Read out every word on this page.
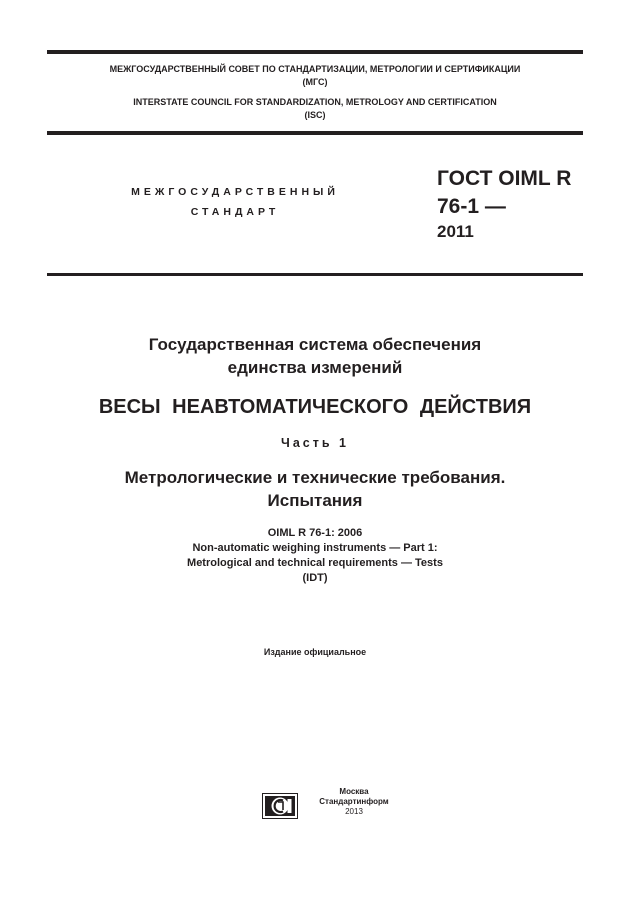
МЕЖГОСУДАРСТВЕННЫЙ СОВЕТ ПО СТАНДАРТИЗАЦИИ, МЕТРОЛОГИИ И СЕРТИФИКАЦИИ
(МГС)
INTERSTATE COUNCIL FOR STANDARDIZATION, METROLOGY AND CERTIFICATION
(ISC)
МЕЖГОСУДАРСТВЕННЫЙ
СТАНДАРТ
ГОСТ OIML R
76-1 —
2011
Государственная система обеспечения
единства измерений
ВЕСЫ НЕАВТОМАТИЧЕСКОГО ДЕЙСТВИЯ
Часть 1
Метрологические и технические требования.
Испытания
OIML R 76-1: 2006
Non-automatic weighing instruments — Part 1:
Metrological and technical requirements — Tests
(IDT)
Издание официальное
Москва
Стандартинформ
2013
